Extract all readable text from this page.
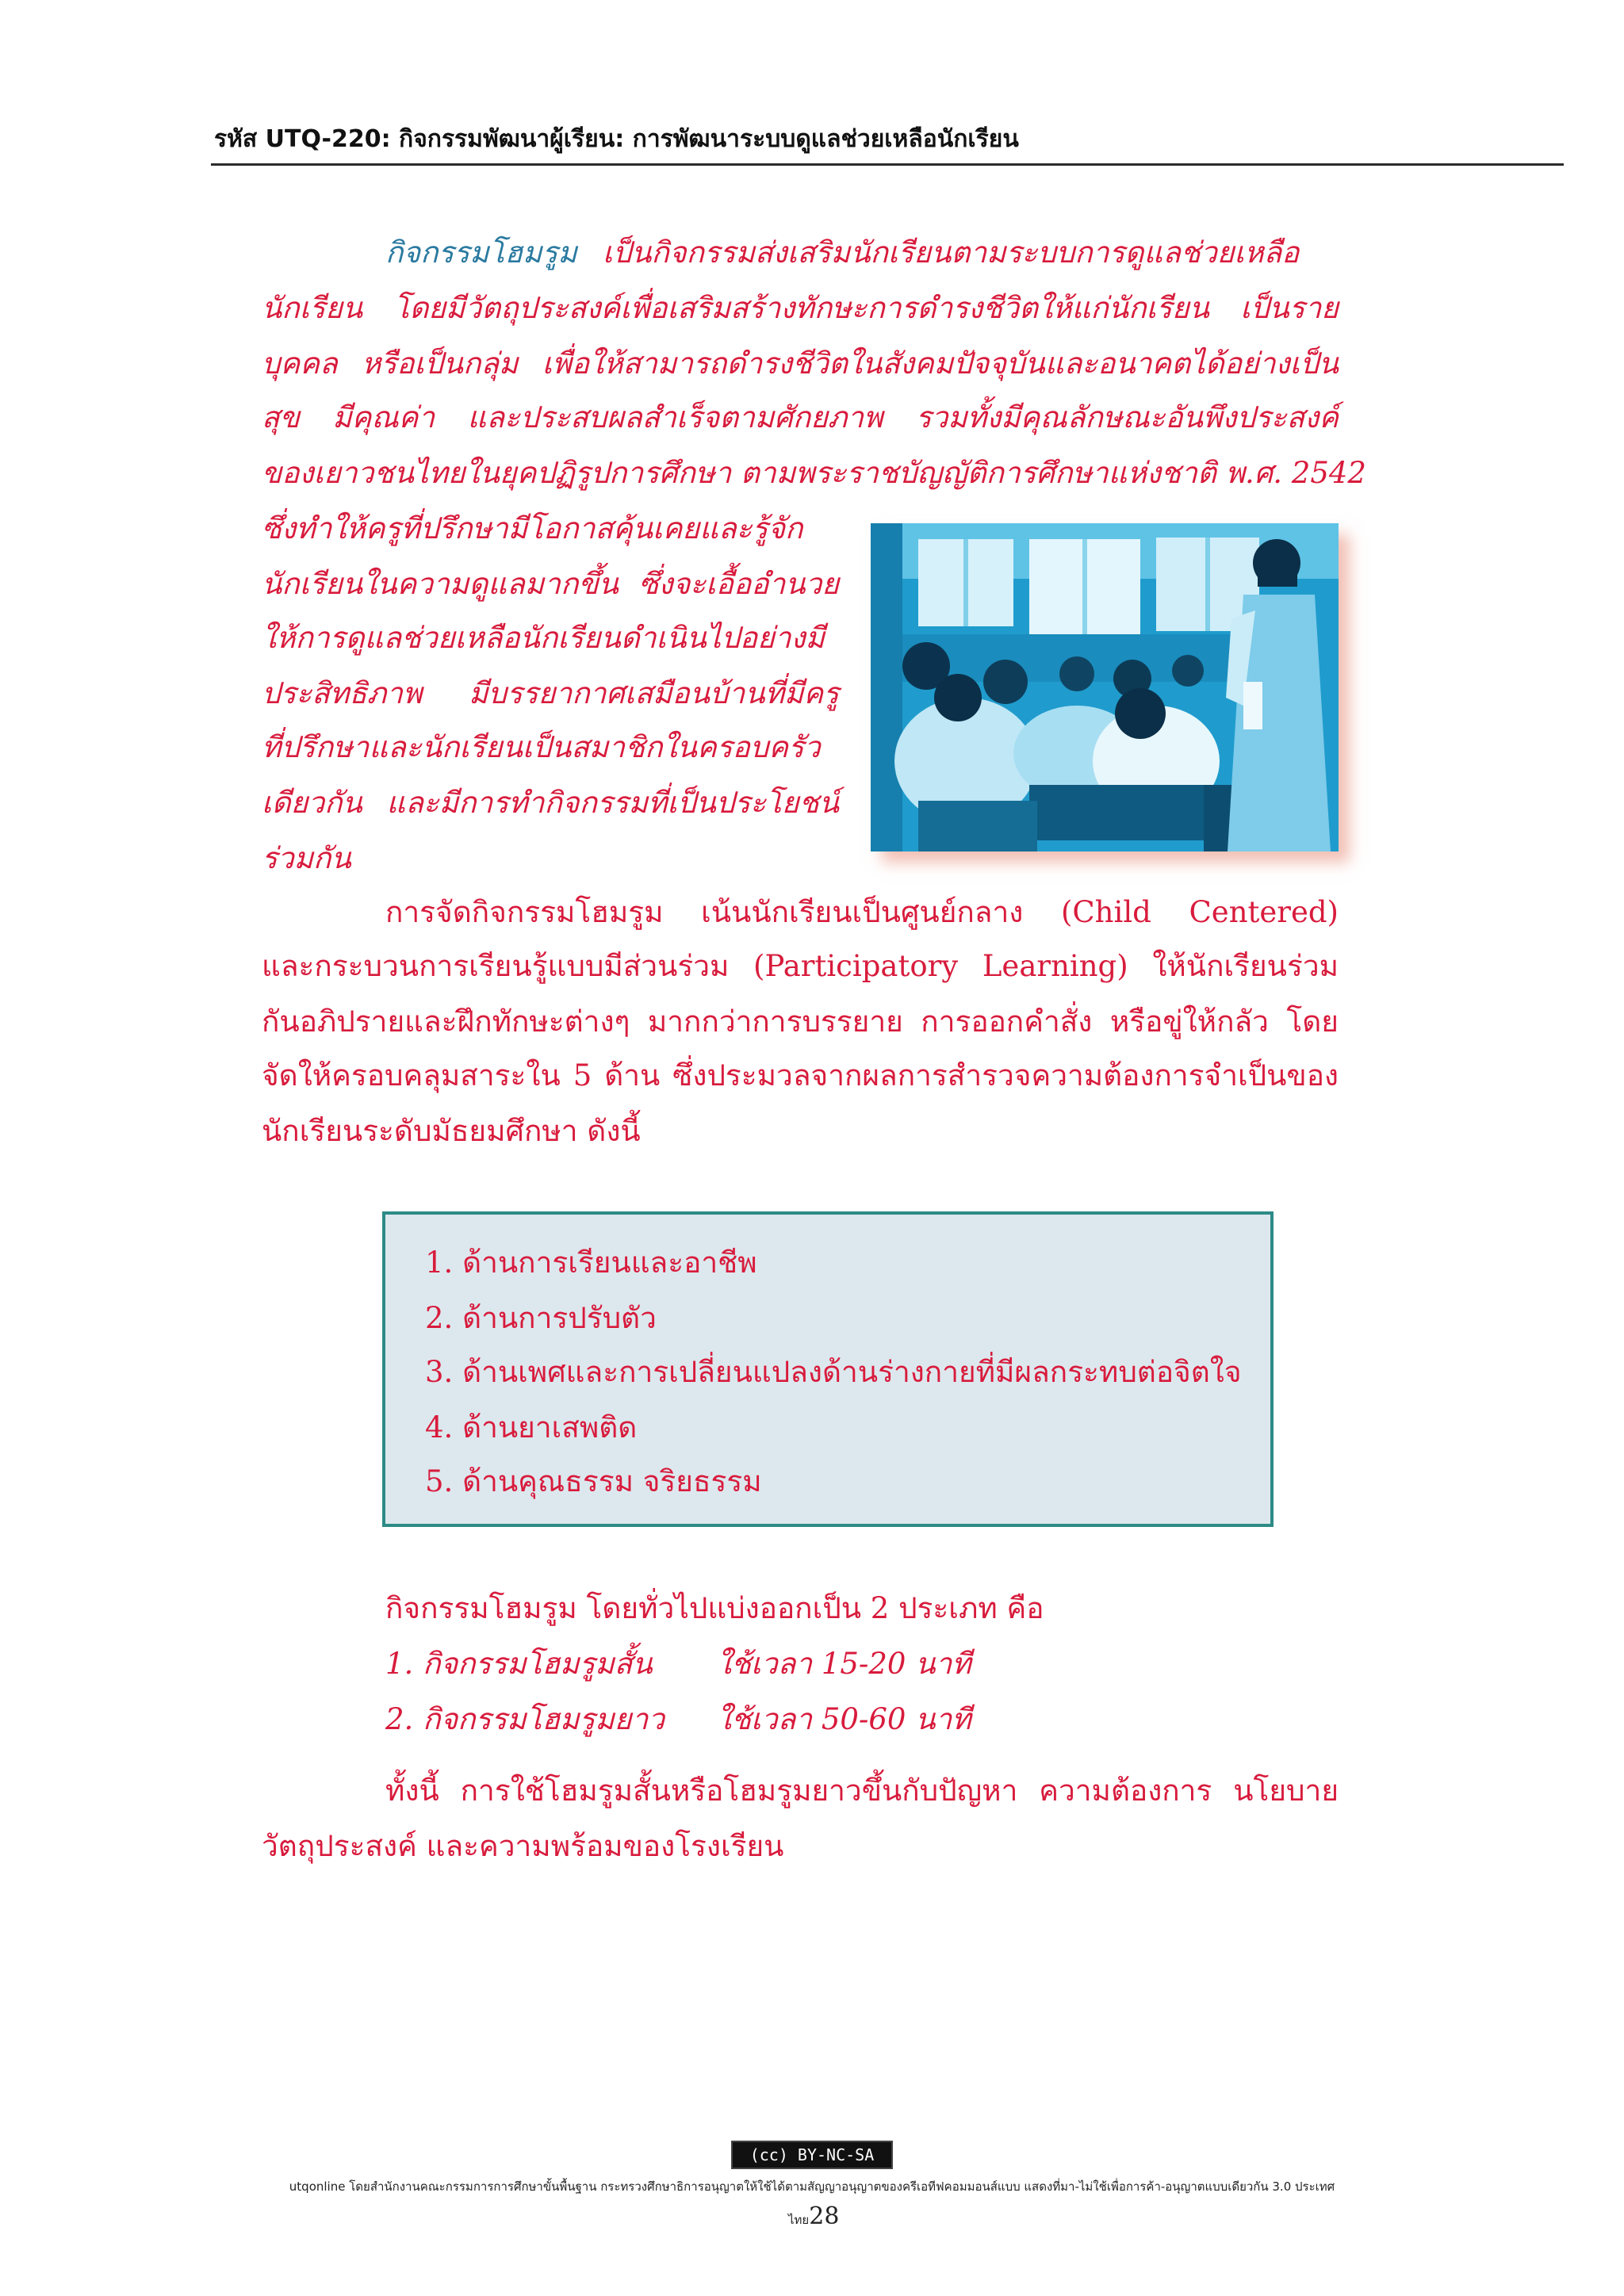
รหัส UTQ-220: กิจกรรมพัฒนาผู้เรียน: การพัฒนาระบบดูแลช่วยเหลือนักเรียน
กิจกรรมโฮมรูม เป็นกิจกรรมส่งเสริมนักเรียนตามระบบการดูแลช่วยเหลือ
นักเรียน โดยมีวัตถุประสงค์เพื่อเสริมสร้างทักษะการดำรงชีวิตให้แก่นักเรียน เป็นราย
บุคคล หรือเป็นกลุ่ม เพื่อให้สามารถดำรงชีวิตในสังคมปัจจุบันและอนาคตได้อย่างเป็น
สุข มีคุณค่า และประสบผลสำเร็จตามศักยภาพ รวมทั้งมีคุณลักษณะอันพึงประสงค์
ของเยาวชนไทยในยุคปฏิรูปการศึกษา ตามพระราชบัญญัติการศึกษาแห่งชาติ พ.ศ. 2542
ซึ่งทำให้ครูที่ปรึกษามีโอกาสคุ้นเคยและรู้จัก
นักเรียนในความดูแลมากขึ้น ซึ่งจะเอื้ออำนวย
ให้การดูแลช่วยเหลือนักเรียนดำเนินไปอย่างมี
ประสิทธิภาพ มีบรรยากาศเสมือนบ้านที่มีครู
ที่ปรึกษาและนักเรียนเป็นสมาชิกในครอบครัว
เดียวกัน และมีการทำกิจกรรมที่เป็นประโยชน์
ร่วมกัน
การจัดกิจกรรมโฮมรูม เน้นนักเรียนเป็นศูนย์กลาง (Child Centered)
และกระบวนการเรียนรู้แบบมีส่วนร่วม (Participatory Learning) ให้นักเรียนร่วม
กันอภิปรายและฝึกทักษะต่างๆ มากกว่าการบรรยาย การออกคำสั่ง หรือขู่ให้กลัว โดย
จัดให้ครอบคลุมสาระใน 5 ด้าน ซึ่งประมวลจากผลการสำรวจความต้องการจำเป็นของ
นักเรียนระดับมัธยมศึกษา ดังนี้
1. ด้านการเรียนและอาชีพ
2. ด้านการปรับตัว
3. ด้านเพศและการเปลี่ยนแปลงด้านร่างกายที่มีผลกระทบต่อจิตใจ
4. ด้านยาเสพติด
5. ด้านคุณธรรม จริยธรรม
กิจกรรมโฮมรูม โดยทั่วไปแบ่งออกเป็น 2 ประเภท คือ
1. กิจกรรมโฮมรูมสั้น ใช้เวลา 15-20 นาที
2. กิจกรรมโฮมรูมยาว ใช้เวลา 50-60 นาที
ทั้งนี้ การใช้โฮมรูมสั้นหรือโฮมรูมยาวขึ้นกับปัญหา ความต้องการ นโยบาย
วัตถุประสงค์ และความพร้อมของโรงเรียน
(cc) BY-NC-SA
utqonline โดยสำนักงานคณะกรรมการการศึกษาขั้นพื้นฐาน กระทรวงศึกษาธิการอนุญาตให้ใช้ได้ตามสัญญาอนุญาตของครีเอทีฟคอมมอนส์แบบ แสดงที่มา-ไม่ใช้เพื่อการค้า-อนุญาตแบบเดียวกัน 3.0 ประเทศ
ไทย28
